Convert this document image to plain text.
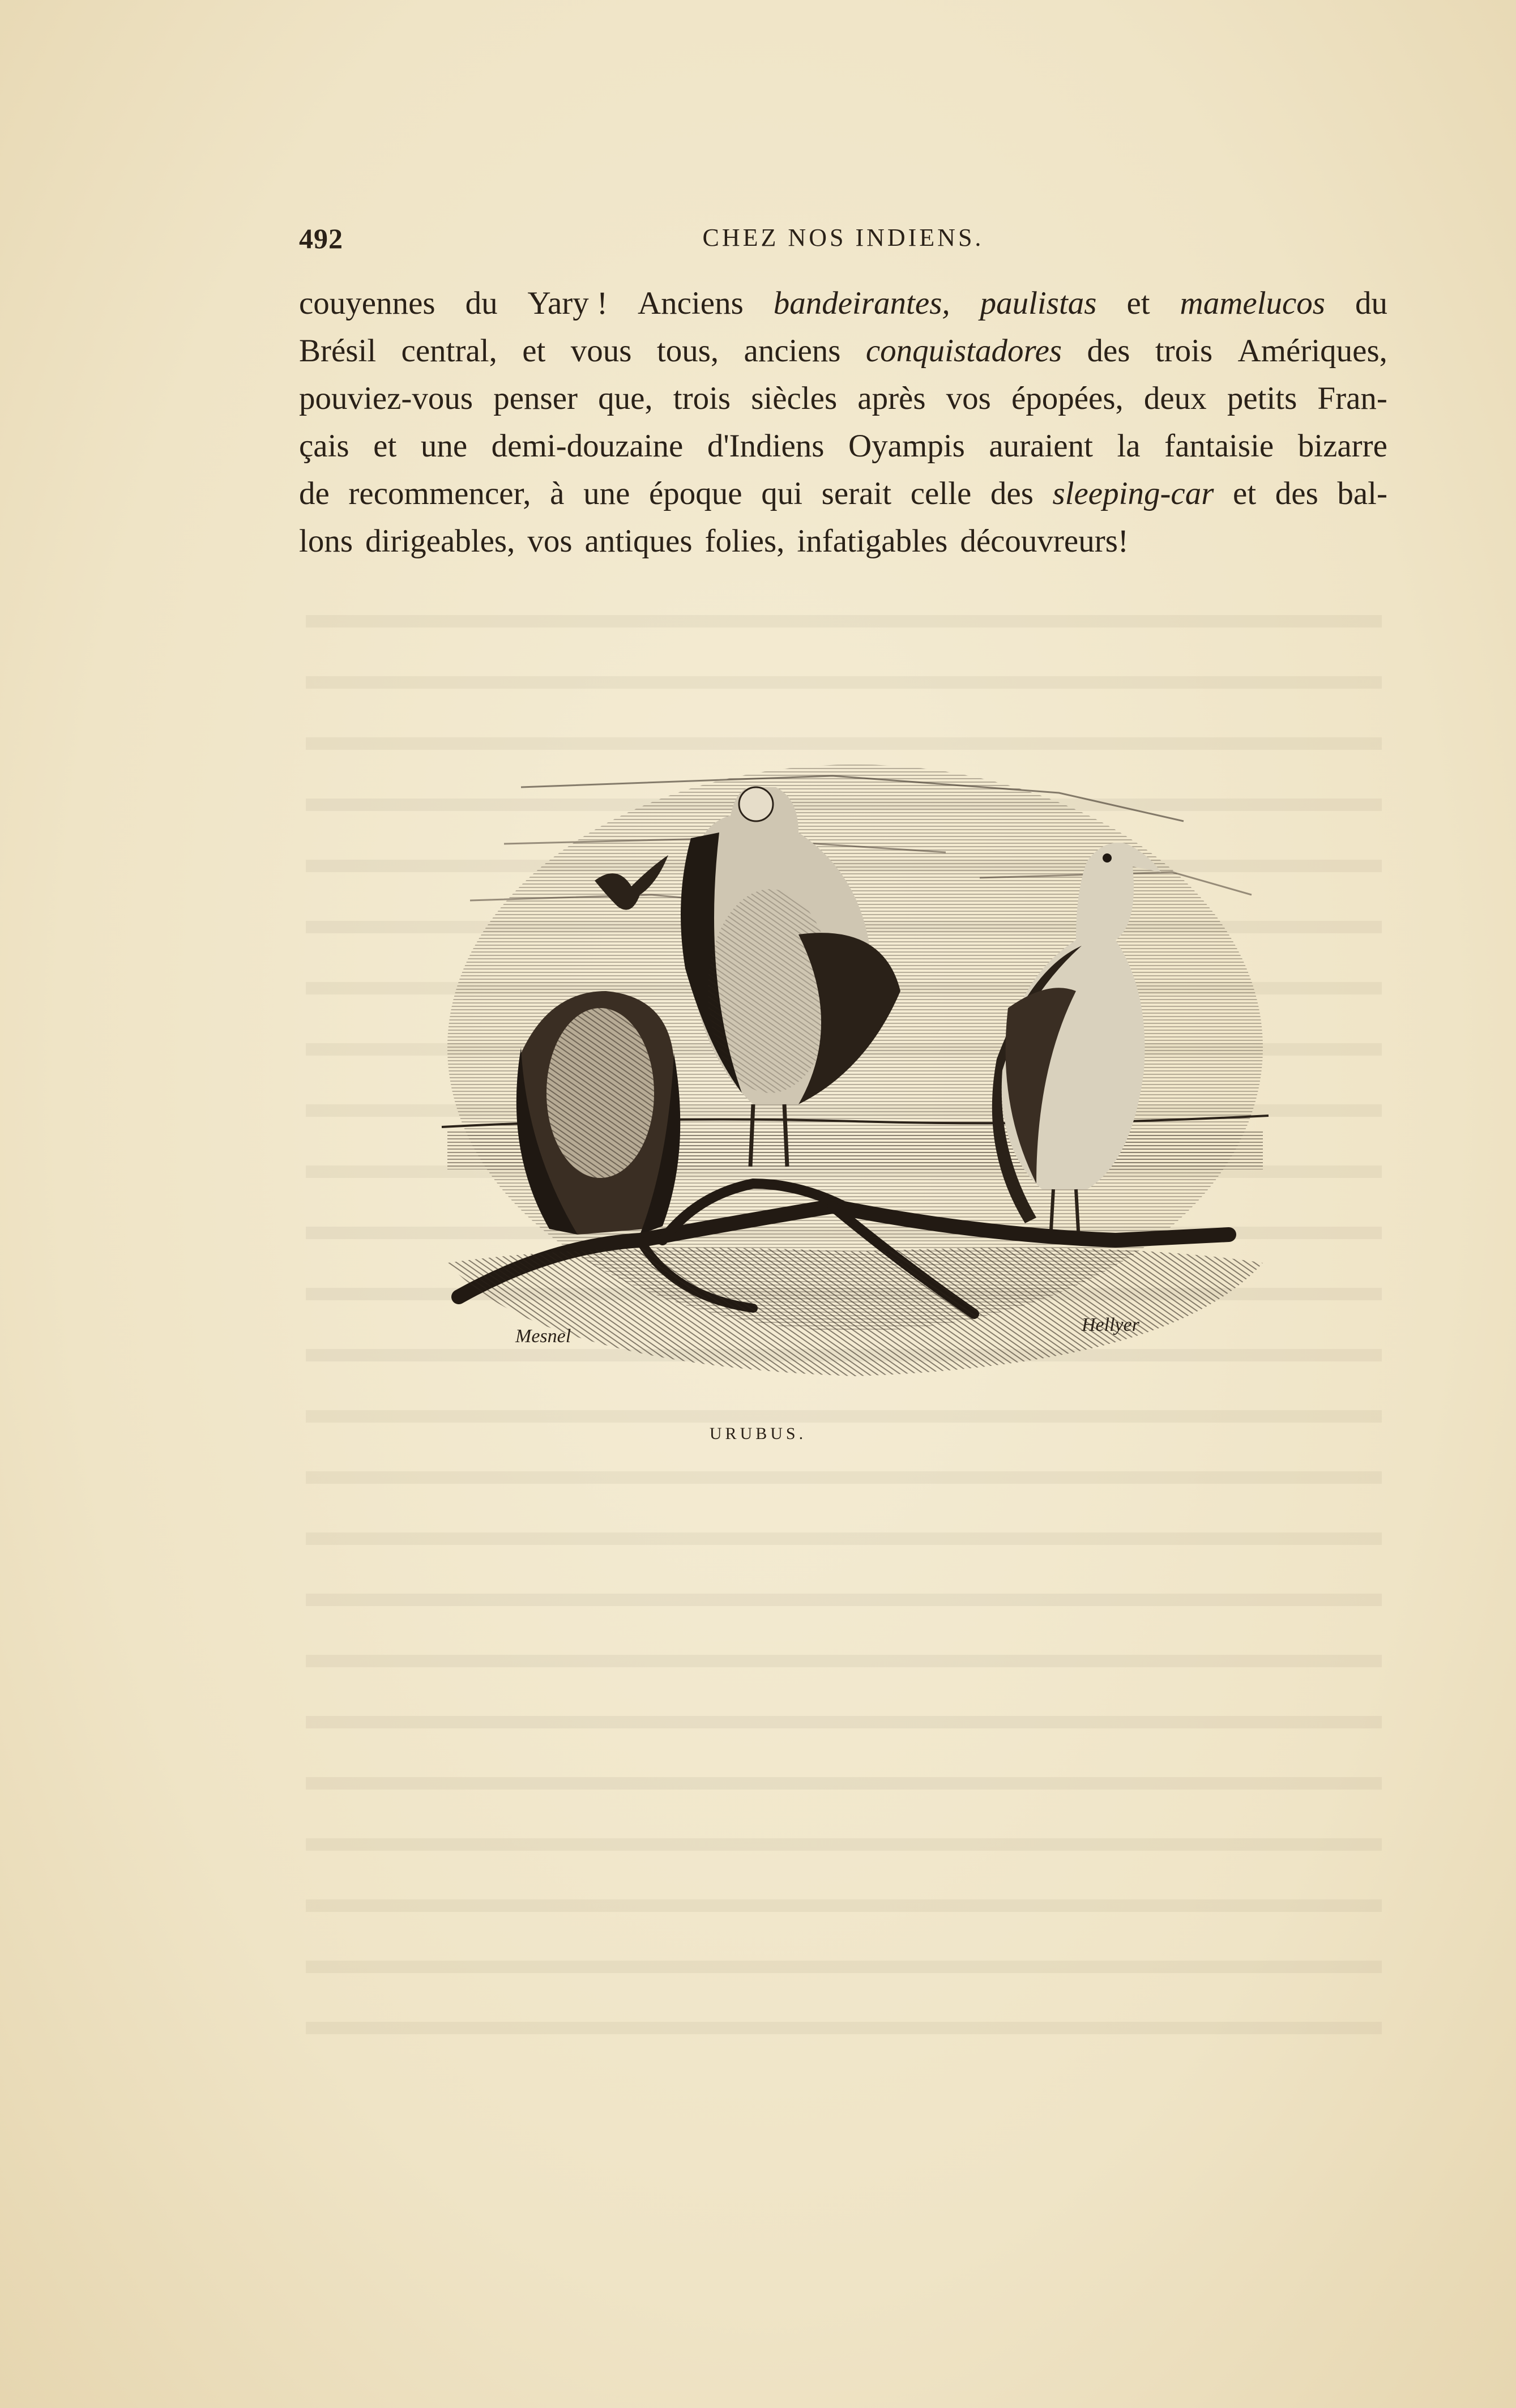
492	CHEZ NOS INDIENS.
couyennes du Yary ! Anciens bandeirantes, paulistas et mamelucos du
Brésil central, et vous tous, anciens conquistadores des trois Amériques,
pouviez-vous penser que, trois siècles après vos épopées, deux petits Fran-
çais et une demi-douzaine d'Indiens Oyampis auraient la fantaisie bizarre
de recommencer, à une époque qui serait celle des sleeping-car et des bal-
lons dirigeables, vos antiques folies, infatigables découvreurs!
Mesnel
Hellyer
URUBUS.
